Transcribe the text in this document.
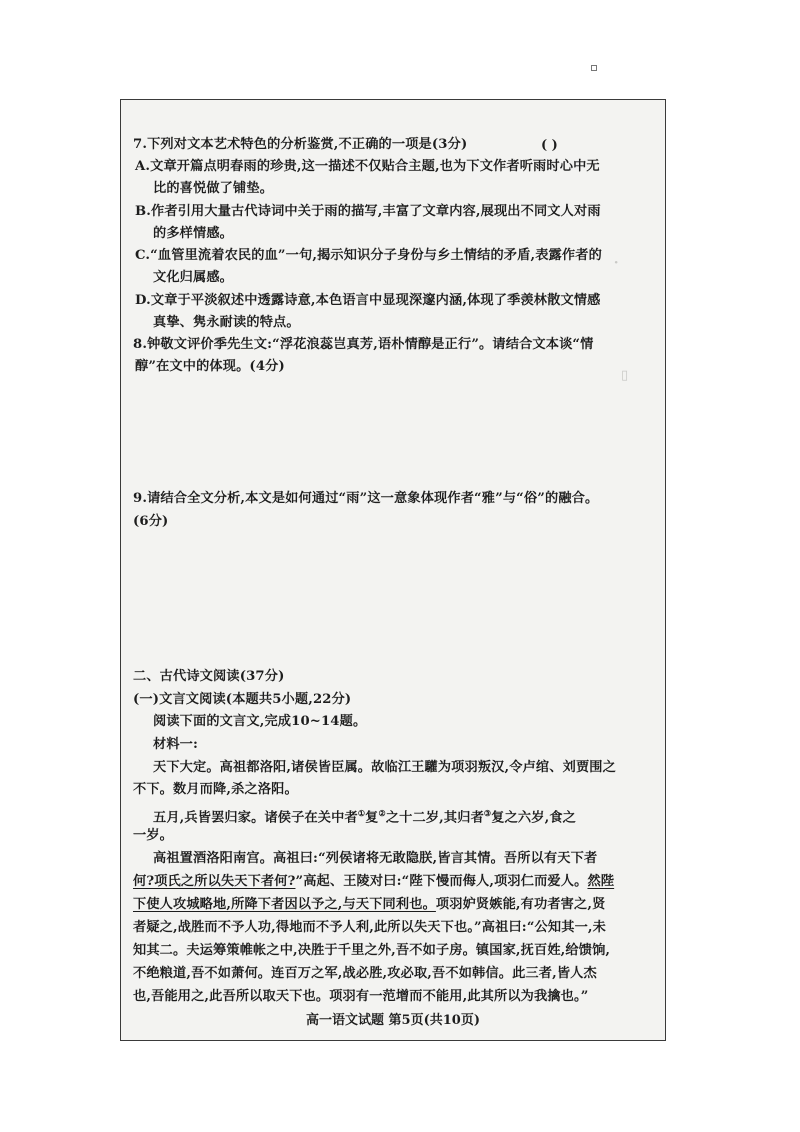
·
▯
7.下列对文本艺术特色的分析鉴赏,不正确的一项是(3分)	( )
A.文章开篇点明春雨的珍贵,这一描述不仅贴合主题,也为下文作者听雨时心中无
比的喜悦做了铺垫。
B.作者引用大量古代诗词中关于雨的描写,丰富了文章内容,展现出不同文人对雨
的多样情感。
C.“血管里流着农民的血”一句,揭示知识分子身份与乡土情结的矛盾,表露作者的
文化归属感。
D.文章于平淡叙述中透露诗意,本色语言中显现深邃内涵,体现了季羡林散文情感
真挚、隽永耐读的特点。
8.钟敬文评价季先生文:“浮花浪蕊岂真芳,语朴情醇是正行”。请结合文本谈“情
醇”在文中的体现。(4分)
9.请结合全文分析,本文是如何通过“雨”这一意象体现作者“雅”与“俗”的融合。
(6分)
二、古代诗文阅读(37分)
(一)文言文阅读(本题共5小题,22分)
阅读下面的文言文,完成10~14题。
材料一:
天下大定。高祖都洛阳,诸侯皆臣属。故临江王驩为项羽叛汉,令卢绾、刘贾围之
不下。数月而降,杀之洛阳。
五月,兵皆罢归家。诸侯子在关中者①复②之十二岁,其归者③复之六岁,食之
一岁。
高祖置酒洛阳南宫。高祖曰:“列侯诸将无敢隐朕,皆言其情。吾所以有天下者
何?项氏之所以失天下者何?”高起、王陵对曰:“陛下慢而侮人,项羽仁而爱人。然陛
下使人攻城略地,所降下者因以予之,与天下同利也。项羽妒贤嫉能,有功者害之,贤
者疑之,战胜而不予人功,得地而不予人利,此所以失天下也。”高祖曰:“公知其一,未
知其二。夫运筹策帷帐之中,决胜于千里之外,吾不如子房。镇国家,抚百姓,给馈饷,
不绝粮道,吾不如萧何。连百万之军,战必胜,攻必取,吾不如韩信。此三者,皆人杰
也,吾能用之,此吾所以取天下也。项羽有一范增而不能用,此其所以为我擒也。”
高一语文试题 第5页(共10页)
